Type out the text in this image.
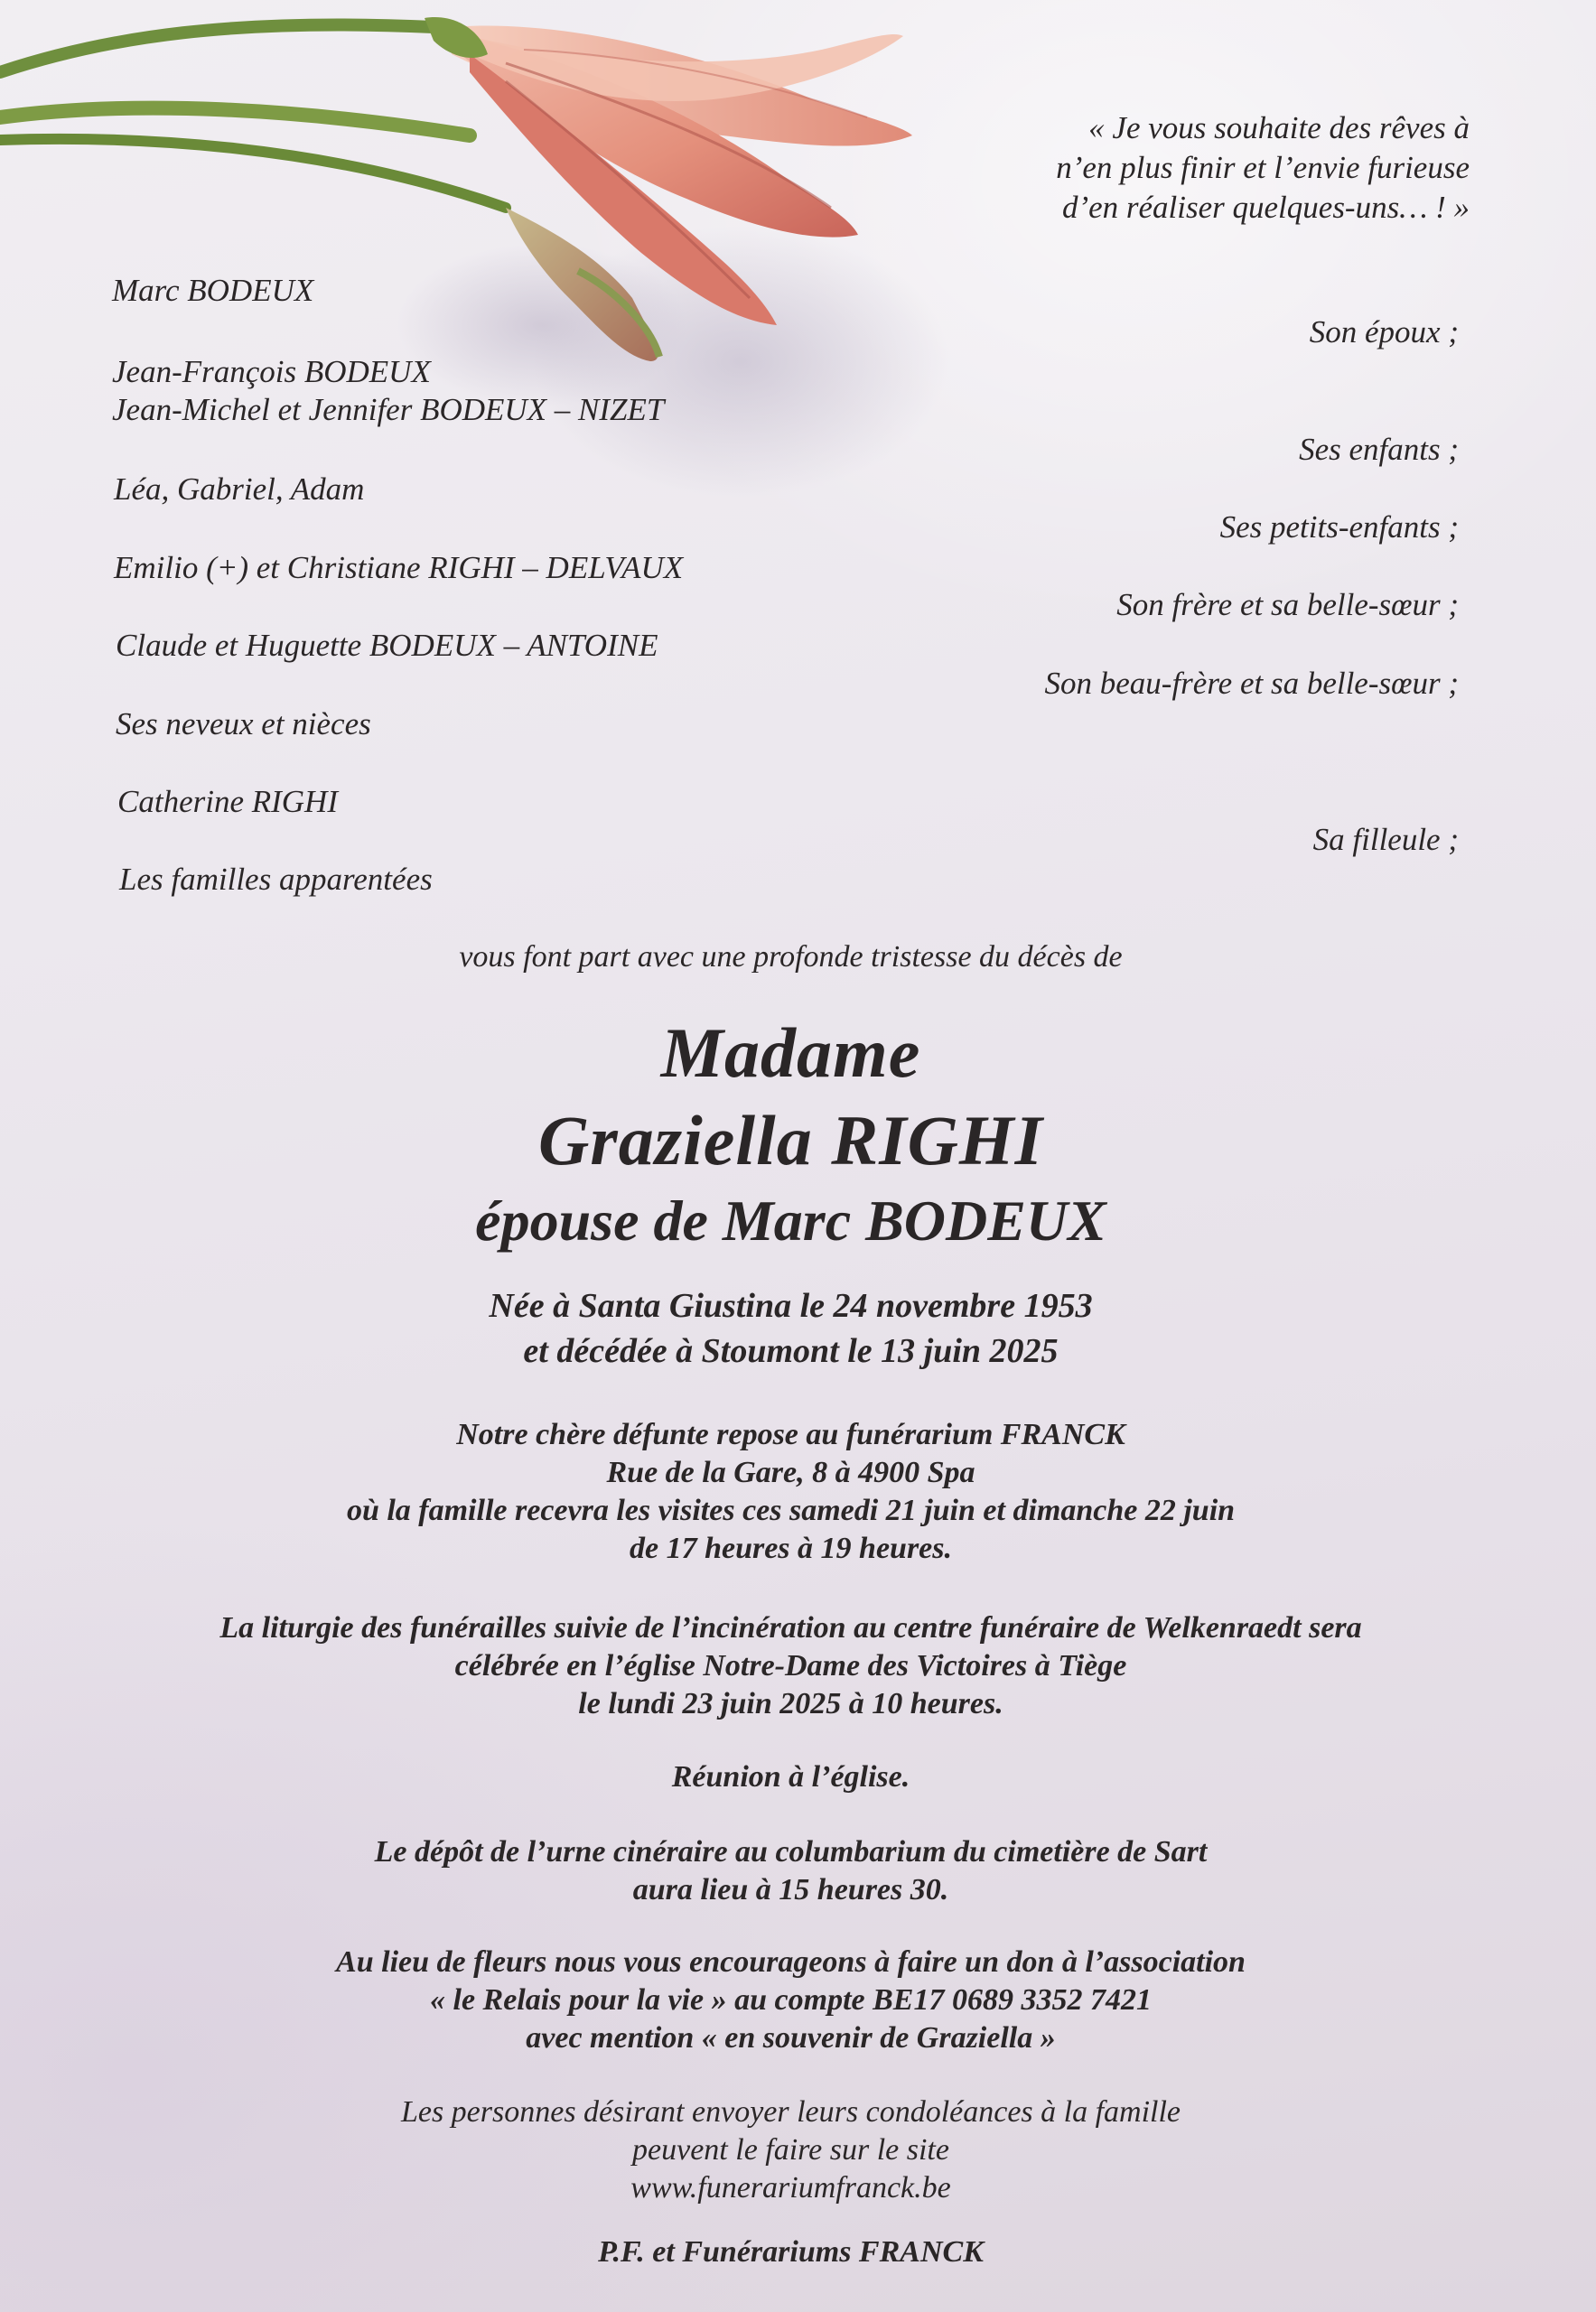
« Je vous souhaite des rêves à
n’en plus finir et l’envie furieuse
d’en réaliser quelques-uns… ! »
Marc BODEUX
Jean-François BODEUX
Jean-Michel et Jennifer BODEUX – NIZET
Léa, Gabriel, Adam
Emilio (+) et Christiane RIGHI – DELVAUX
Claude et Huguette BODEUX – ANTOINE
Ses neveux et nièces
Catherine RIGHI
Les familles apparentées
Son époux ;
Ses enfants ;
Ses petits-enfants ;
Son frère et sa belle-sœur ;
Son beau-frère et sa belle-sœur ;
Sa filleule ;
vous font part avec une profonde tristesse du décès de
Madame
Graziella RIGHI
épouse de Marc BODEUX
Née à Santa Giustina le 24 novembre 1953
et décédée à Stoumont le 13 juin 2025
Notre chère défunte repose au funérarium FRANCK
Rue de la Gare, 8 à 4900 Spa
où la famille recevra les visites ces samedi 21 juin et dimanche 22 juin
de 17 heures à 19 heures.
La liturgie des funérailles suivie de l’incinération au centre funéraire de Welkenraedt sera
célébrée en l’église Notre-Dame des Victoires à Tiège
le lundi 23 juin 2025 à 10 heures.
Réunion à l’église.
Le dépôt de l’urne cinéraire au columbarium du cimetière de Sart
aura lieu à 15 heures 30.
Au lieu de fleurs nous vous encourageons à faire un don à l’association
« le Relais pour la vie » au compte BE17 0689 3352 7421
avec mention « en souvenir de Graziella »
Les personnes désirant envoyer leurs condoléances à la famille
peuvent le faire sur le site
www.funerariumfranck.be
P.F. et Funérariums FRANCK
